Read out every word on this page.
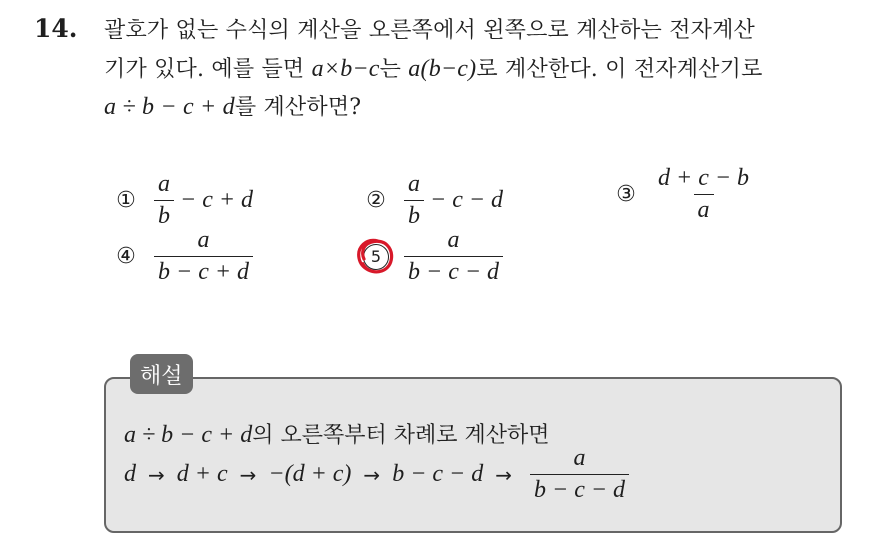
14. 괄호가 없는 수식의 계산을 오른쪽에서 왼쪽으로 계산하는 전자계산
기가 있다. 예를 들면 a×b−c는 a(b−c)로 계산한다. 이 전자계산기로
a ÷ b − c + d를 계산하면?
① $\frac{a}{b} - c + d$	② $\frac{a}{b} - c - d$	③ $\frac{d + c - b}{a}$
④ $\frac{a}{b - c + d}$	$5 \frac{a}{b - c - d}$
해설
a ÷ b − c + d의 오른쪽부터 차례로 계산하면
$d \to d + c \to -(d + c) \to b - c - d \to \frac{a}{b - c - d}$
